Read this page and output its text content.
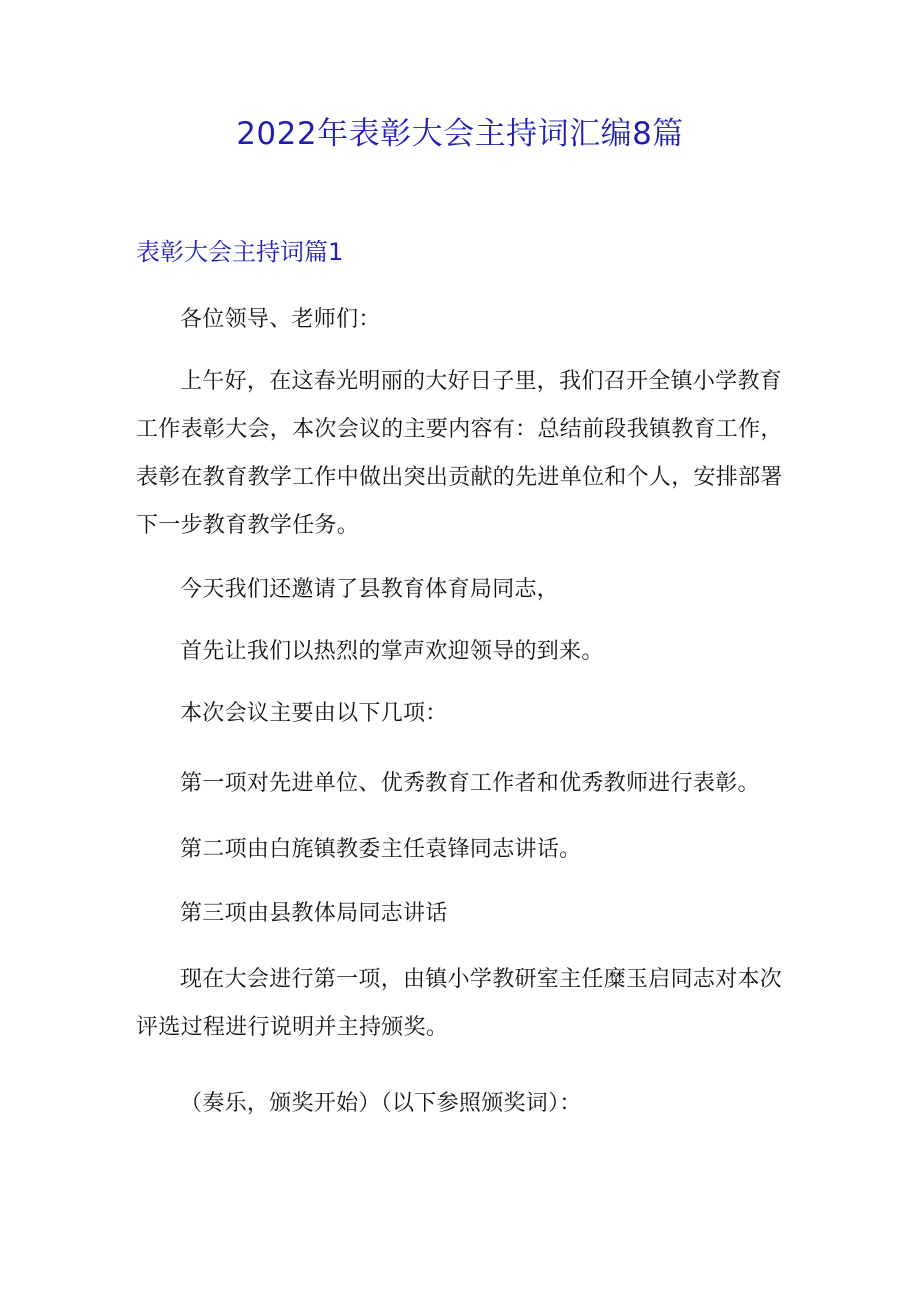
2022年表彰大会主持词汇编8篇
表彰大会主持词篇1

各位领导、老师们：

上午好，在这春光明丽的大好日子里，我们召开全镇小学教育工作表彰大会，本次会议的主要内容有：总结前段我镇教育工作，表彰在教育教学工作中做出突出贡献的先进单位和个人，安排部署下一步教育教学任务。

今天我们还邀请了县教育体育局同志，

首先让我们以热烈的掌声欢迎领导的到来。

本次会议主要由以下几项：

第一项对先进单位、优秀教育工作者和优秀教师进行表彰。

第二项由白旄镇教委主任袁锋同志讲话。

第三项由县教体局同志讲话

现在大会进行第一项，由镇小学教研室主任糜玉启同志对本次评选过程进行说明并主持颁奖。

（奏乐，颁奖开始）（以下参照颁奖词）：
